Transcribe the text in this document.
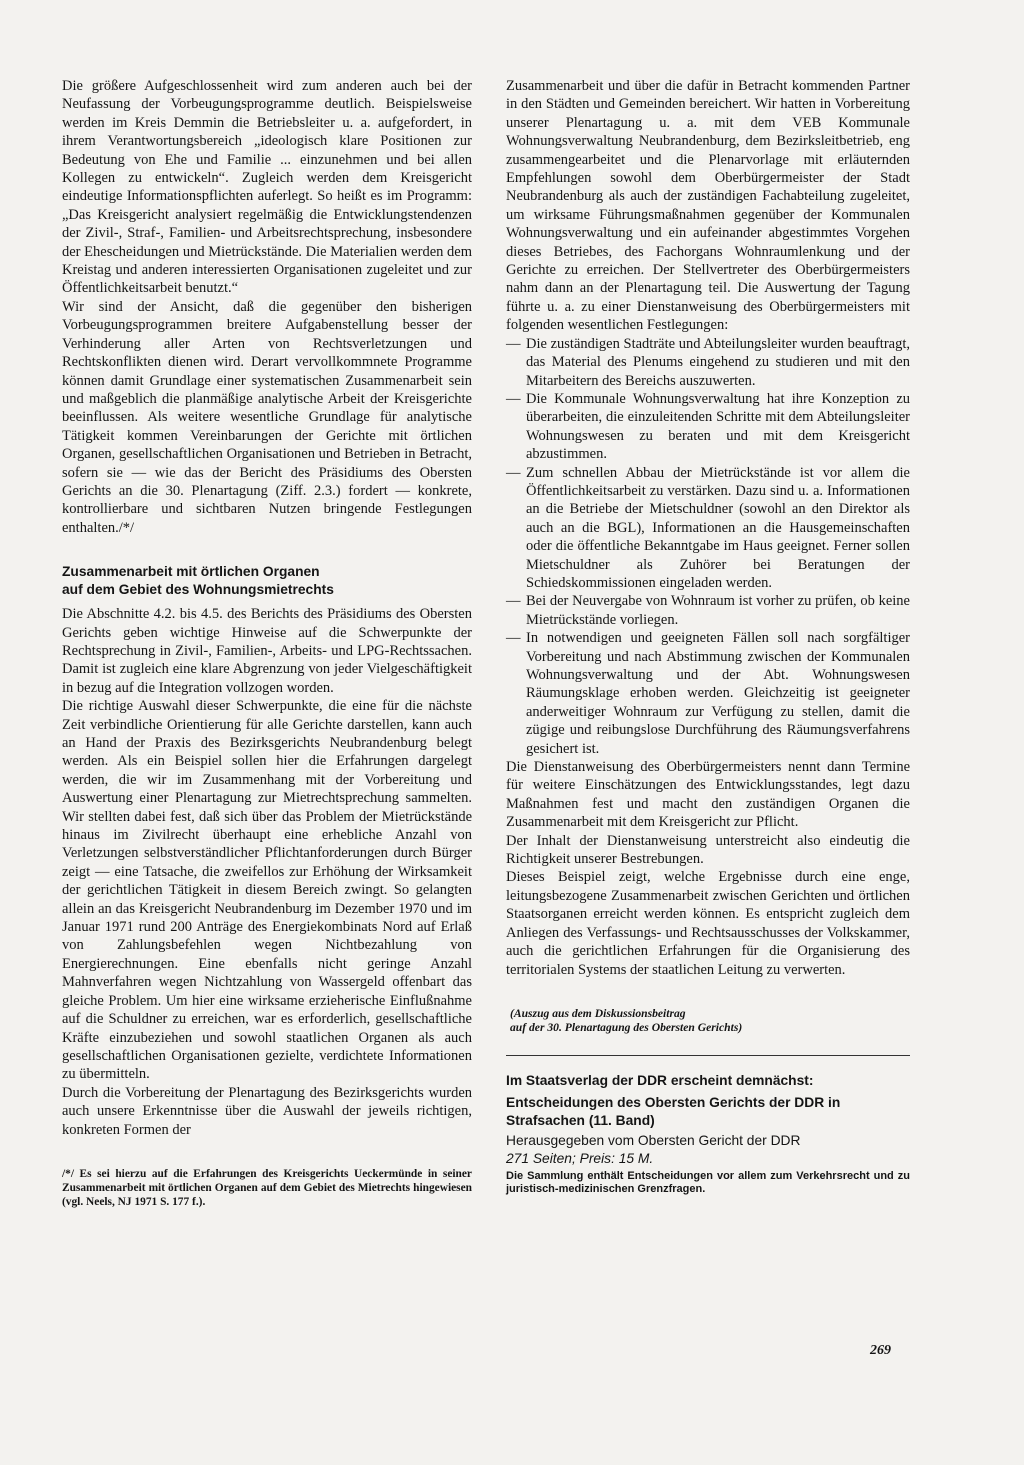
Die größere Aufgeschlossenheit wird zum anderen auch bei der Neufassung der Vorbeugungsprogramme deutlich. Beispielsweise werden im Kreis Demmin die Betriebsleiter u. a. aufgefordert, in ihrem Verantwortungsbereich „ideologisch klare Positionen zur Bedeutung von Ehe und Familie ... einzunehmen und bei allen Kollegen zu entwickeln“. Zugleich werden dem Kreisgericht eindeutige Informationspflichten auferlegt. So heißt es im Programm: „Das Kreisgericht analysiert regelmäßig die Entwicklungstendenzen der Zivil-, Straf-, Familien- und Arbeitsrechtsprechung, insbesondere der Ehescheidungen und Mietrückstände. Die Materialien werden dem Kreistag und anderen interessierten Organisationen zugeleitet und zur Öffentlichkeitsarbeit benutzt.“

Wir sind der Ansicht, daß die gegenüber den bisherigen Vorbeugungsprogrammen breitere Aufgabenstellung besser der Verhinderung aller Arten von Rechtsverletzungen und Rechtskonflikten dienen wird. Derart vervollkommnete Programme können damit Grundlage einer systematischen Zusammenarbeit sein und maßgeblich die planmäßige analytische Arbeit der Kreisgerichte beeinflussen. Als weitere wesentliche Grundlage für analytische Tätigkeit kommen Vereinbarungen der Gerichte mit örtlichen Organen, gesellschaftlichen Organisationen und Betrieben in Betracht, sofern sie — wie das der Bericht des Präsidiums des Obersten Gerichts an die 30. Plenartagung (Ziff. 2.3.) fordert — konkrete, kontrollierbare und sichtbaren Nutzen bringende Festlegungen enthalten./*/

Zusammenarbeit mit örtlichen Organen
auf dem Gebiet des Wohnungsmietrechts

Die Abschnitte 4.2. bis 4.5. des Berichts des Präsidiums des Obersten Gerichts geben wichtige Hinweise auf die Schwerpunkte der Rechtsprechung in Zivil-, Familien-, Arbeits- und LPG-Rechtssachen. Damit ist zugleich eine klare Abgrenzung von jeder Vielgeschäftigkeit in bezug auf die Integration vollzogen worden.

Die richtige Auswahl dieser Schwerpunkte, die eine für die nächste Zeit verbindliche Orientierung für alle Gerichte darstellen, kann auch an Hand der Praxis des Bezirksgerichts Neubrandenburg belegt werden. Als ein Beispiel sollen hier die Erfahrungen dargelegt werden, die wir im Zusammenhang mit der Vorbereitung und Auswertung einer Plenartagung zur Mietrechtsprechung sammelten. Wir stellten dabei fest, daß sich über das Problem der Mietrückstände hinaus im Zivilrecht überhaupt eine erhebliche Anzahl von Verletzungen selbstverständlicher Pflichtanforderungen durch Bürger zeigt — eine Tatsache, die zweifellos zur Erhöhung der Wirksamkeit der gerichtlichen Tätigkeit in diesem Bereich zwingt. So gelangten allein an das Kreisgericht Neubrandenburg im Dezember 1970 und im Januar 1971 rund 200 Anträge des Energiekombinats Nord auf Erlaß von Zahlungsbefehlen wegen Nichtbezahlung von Energierechnungen. Eine ebenfalls nicht geringe Anzahl Mahnverfahren wegen Nichtzahlung von Wassergeld offenbart das gleiche Problem. Um hier eine wirksame erzieherische Einflußnahme auf die Schuldner zu erreichen, war es erforderlich, gesellschaftliche Kräfte einzubeziehen und sowohl staatlichen Organen als auch gesellschaftlichen Organisationen gezielte, verdichtete Informationen zu übermitteln.

Durch die Vorbereitung der Plenartagung des Bezirksgerichts wurden auch unsere Erkenntnisse über die Auswahl der jeweils richtigen, konkreten Formen der

/*/ Es sei hierzu auf die Erfahrungen des Kreisgerichts Ueckermünde in seiner Zusammenarbeit mit örtlichen Organen auf dem Gebiet des Mietrechts hingewiesen (vgl. Neels, NJ 1971 S. 177 f.).

Zusammenarbeit und über die dafür in Betracht kommenden Partner in den Städten und Gemeinden bereichert. Wir hatten in Vorbereitung unserer Plenartagung u. a. mit dem VEB Kommunale Wohnungsverwaltung Neubrandenburg, dem Bezirksleitbetrieb, eng zusammengearbeitet und die Plenarvorlage mit erläuternden Empfehlungen sowohl dem Oberbürgermeister der Stadt Neubrandenburg als auch der zuständigen Fachabteilung zugeleitet, um wirksame Führungsmaßnahmen gegenüber der Kommunalen Wohnungsverwaltung und ein aufeinander abgestimmtes Vorgehen dieses Betriebes, des Fachorgans Wohnraumlenkung und der Gerichte zu erreichen. Der Stellvertreter des Oberbürgermeisters nahm dann an der Plenartagung teil. Die Auswertung der Tagung führte u. a. zu einer Dienstanweisung des Oberbürgermeisters mit folgenden wesentlichen Festlegungen:

— Die zuständigen Stadträte und Abteilungsleiter wurden beauftragt, das Material des Plenums eingehend zu studieren und mit den Mitarbeitern des Bereichs auszuwerten.
— Die Kommunale Wohnungsverwaltung hat ihre Konzeption zu überarbeiten, die einzuleitenden Schritte mit dem Abteilungsleiter Wohnungswesen zu beraten und mit dem Kreisgericht abzustimmen.
— Zum schnellen Abbau der Mietrückstände ist vor allem die Öffentlichkeitsarbeit zu verstärken. Dazu sind u. a. Informationen an die Betriebe der Mietschuldner (sowohl an den Direktor als auch an die BGL), Informationen an die Hausgemeinschaften oder die öffentliche Bekanntgabe im Haus geeignet. Ferner sollen Mietschuldner als Zuhörer bei Beratungen der Schiedskommissionen eingeladen werden.
— Bei der Neuvergabe von Wohnraum ist vorher zu prüfen, ob keine Mietrückstände vorliegen.
— In notwendigen und geeigneten Fällen soll nach sorgfältiger Vorbereitung und nach Abstimmung zwischen der Kommunalen Wohnungsverwaltung und der Abt. Wohnungswesen Räumungsklage erhoben werden. Gleichzeitig ist geeigneter anderweitiger Wohnraum zur Verfügung zu stellen, damit die zügige und reibungslose Durchführung des Räumungsverfahrens gesichert ist.

Die Dienstanweisung des Oberbürgermeisters nennt dann Termine für weitere Einschätzungen des Entwicklungsstandes, legt dazu Maßnahmen fest und macht den zuständigen Organen die Zusammenarbeit mit dem Kreisgericht zur Pflicht.

Der Inhalt der Dienstanweisung unterstreicht also eindeutig die Richtigkeit unserer Bestrebungen.

Dieses Beispiel zeigt, welche Ergebnisse durch eine enge, leitungsbezogene Zusammenarbeit zwischen Gerichten und örtlichen Staatsorganen erreicht werden können. Es entspricht zugleich dem Anliegen des Verfassungs- und Rechtsausschusses der Volkskammer, auch die gerichtlichen Erfahrungen für die Organisierung des territorialen Systems der staatlichen Leitung zu verwerten.

(Auszug aus dem Diskussionsbeitrag
auf der 30. Plenartagung des Obersten Gerichts)
Im Staatsverlag der DDR erscheint demnächst:
Entscheidungen des Obersten Gerichts der DDR in Strafsachen (11. Band)
Herausgegeben vom Obersten Gericht der DDR
271 Seiten; Preis: 15 M.
Die Sammlung enthält Entscheidungen vor allem zum Verkehrsrecht und zu juristisch-medizinischen Grenzfragen.
269
